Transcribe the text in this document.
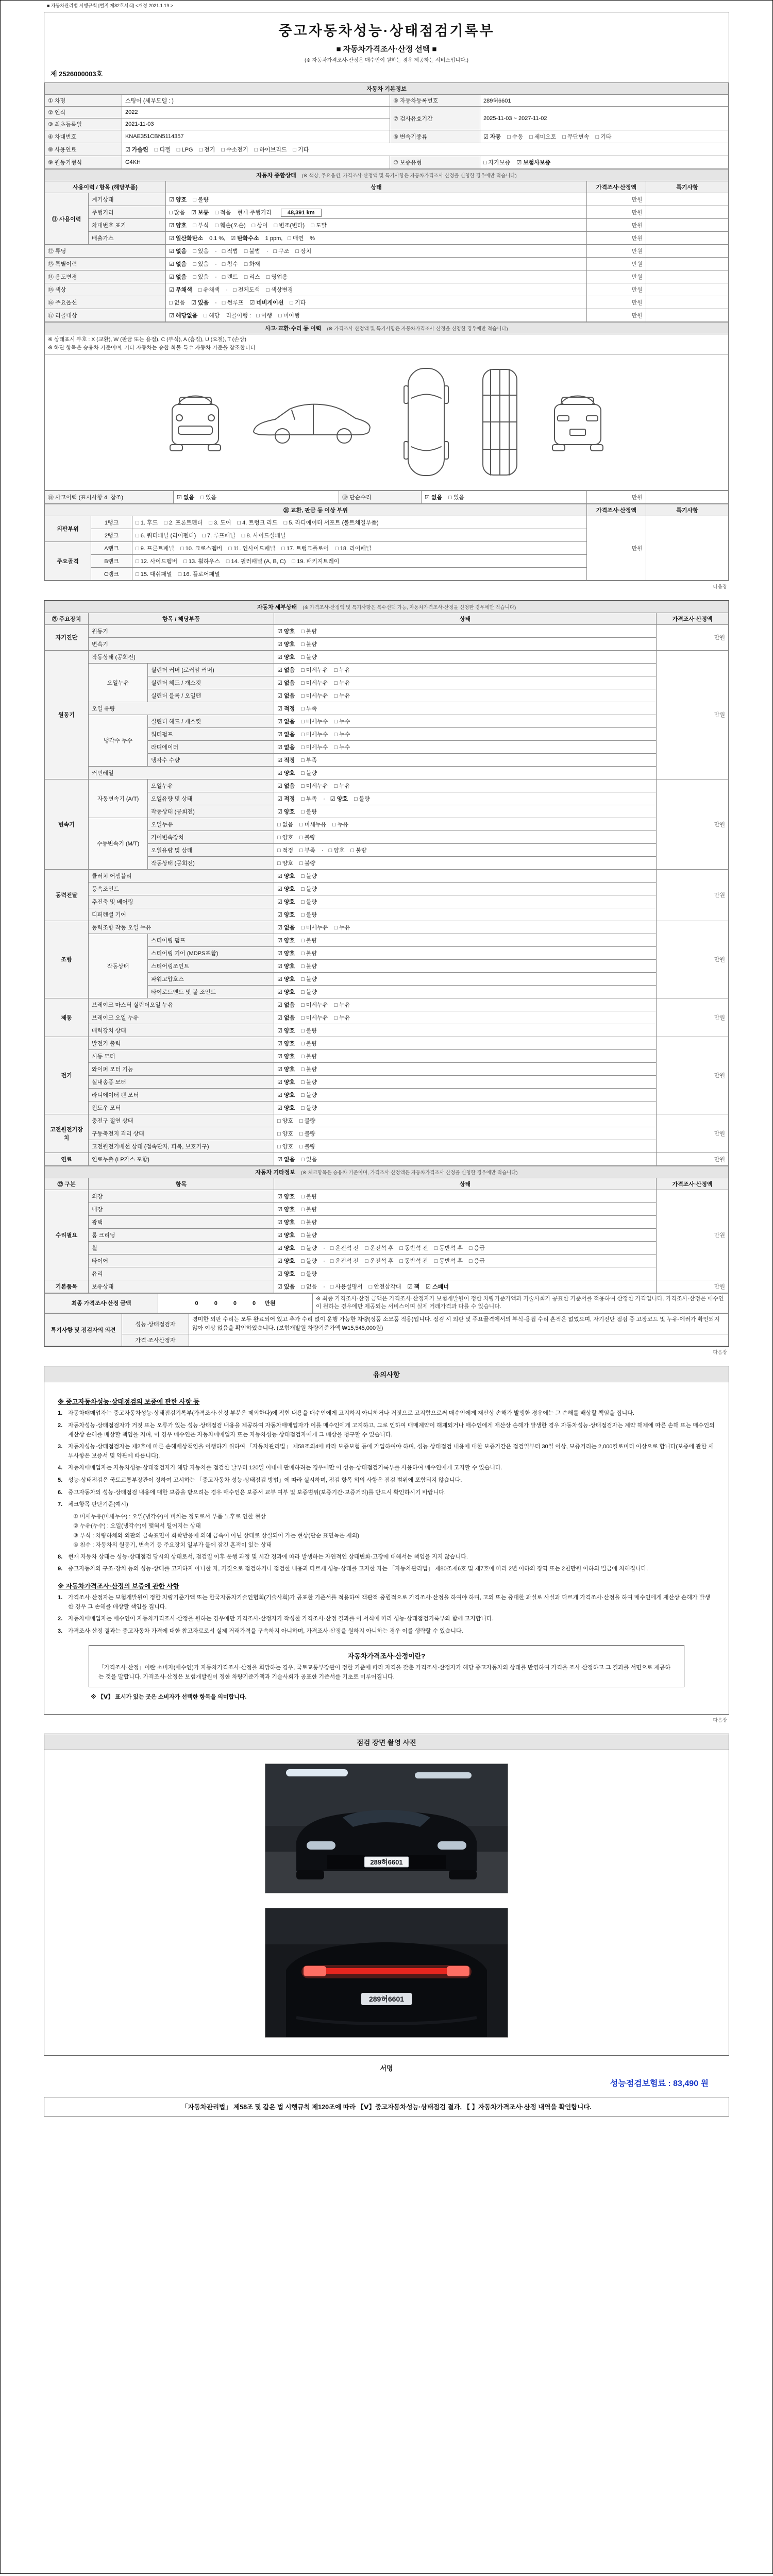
■ 자동차관리법 시행규칙 [별지 제82호서식] <개정 2021.1.19.>
중고자동차성능·상태점검기록부
■ 자동차가격조사·산정 선택 ■
(※ 자동차가격조사·산정은 매수인이 원하는 경우 제공하는 서비스입니다.)
제 2526000003호
자동차 기본정보			
① 차명	스팅어 (세부모델 : )	⑥ 자동차등록번호	289허6601
② 연식	2022	⑦ 검사유효기간	2025-11-03 ~ 2027-11-02
③ 최초등록일	2021-11-03		
④ 차대번호	KNAE351CBN5114357	⑤ 변속기종류	☑ 자동 □ 수동 □ 세미오토 □ 무단변속 □ 기타
⑧ 사용연료	☑ 가솔린 □ 디젤 □ LPG □ 전기 □ 수소전기 □ 하이브리드 □ 기타		
⑨ 원동기형식	G4KH	⑩ 보증유형	□ 자가보증 ☑ 보험사보증
자동차 종합상태 (※ 색상, 주요옵션, 가격조사·산정액 및 특기사항은 자동차가격조사·산정을 신청한 경우에만 적습니다)				
사용이력 / 항목 (해당부품)		상태	가격조사·산정액	특기사항
⑪ 사용이력	계기상태	☑ 양호 □ 불량	만원	
	주행거리	□ 많음 ☑ 보통 □ 적음 현재 주행거리 48,391 km	만원	
	차대번호 표기	☑ 양호 □ 부식 □ 훼손(오손) □ 상이 □ 변조(변타) □ 도말	만원	
	배출가스	☑ 일산화탄소 0.1 %, ☑ 탄화수소 1 ppm, □ 매연 %	만원	
⑫ 튜닝		☑ 없음 □ 있음 · □ 적법 □ 불법 · □ 구조 □ 장치	만원	
⑬ 특별이력		☑ 없음 □ 있음 · □ 침수 □ 화재	만원	
⑭ 용도변경		☑ 없음 □ 있음 · □ 렌트 □ 리스 □ 영업용	만원	
⑮ 색상		☑ 무채색 □ 유채색 · □ 전체도색 □ 색상변경	만원	
⑯ 주요옵션		□ 없음 ☑ 있음 · □ 썬루프 ☑ 네비게이션 □ 기타	만원	
⑰ 리콜대상		☑ 해당없음 □ 해당 리콜이행 : □ 이행 □ 미이행	만원	
사고·교환·수리 등 이력 (※ 가격조사·산정액 및 특기사항은 자동차가격조사·산정을 신청한 경우에만 적습니다)

※ 상태표시 부호 : X (교환), W (판금 또는 용접), C (부식), A (흠집), U (요철), T (손상)
※ 하단 항목은 승용차 기준이며, 기타 자동차는 승합·화물·특수 자동차 기준을 참조합니다

⑱ 사고이력 (표시사항 4. 참조)	☑ 없음 □ 있음	⑲ 단순수리	☑ 없음 □ 있음	만원	
⑳ 교환, 판금 등 이상 부위			가격조사·산정액	특기사항
외판부위	1랭크	□ 1. 후드 □ 2. 프론트펜더 □ 3. 도어 □ 4. 트렁크 리드 □ 5. 라디에이터 서포트 (볼트체결부품)	만원	
	2랭크	□ 6. 쿼터패널 (리어펜더) □ 7. 루프패널 □ 8. 사이드실패널		
주요골격	A랭크	□ 9. 프론트패널 □ 10. 크로스멤버 □ 11. 인사이드패널 □ 17. 트렁크플로어 □ 18. 리어패널		
	B랭크	□ 12. 사이드멤버 □ 13. 휠하우스 □ 14. 필러패널 (A, B, C) □ 19. 패키지트레이		
	C랭크	□ 15. 대쉬패널 □ 16. 플로어패널		
다음장
자동차 세부상태 (※ 가격조사·산정액 및 특기사항은 복수선택 가능, 자동차가격조사·산정을 신청한 경우에만 적습니다)				
㉑ 주요장치	항목 / 해당부품		상태	가격조사·산정액
자기진단	원동기		☑ 양호 □ 불량	만원
	변속기		☑ 양호 □ 불량	
원동기	작동상태 (공회전)		☑ 양호 □ 불량	만원
	오일누유	실린더 커버 (로커암 커버)	☑ 없음 □ 미세누유 □ 누유	
		실린더 헤드 / 개스킷	☑ 없음 □ 미세누유 □ 누유	
		실린더 블록 / 오일팬	☑ 없음 □ 미세누유 □ 누유	
	오일 유량		☑ 적정 □ 부족	
	냉각수 누수	실린더 헤드 / 개스킷	☑ 없음 □ 미세누수 □ 누수	
		워터펌프	☑ 없음 □ 미세누수 □ 누수	
		라디에이터	☑ 없음 □ 미세누수 □ 누수	
		냉각수 수량	☑ 적정 □ 부족	
	커먼레일		☑ 양호 □ 불량	
변속기	자동변속기 (A/T)	오일누유	☑ 없음 □ 미세누유 □ 누유	만원
		오일유량 및 상태	☑ 적정 □ 부족 · ☑ 양호 □ 불량	
		작동상태 (공회전)	☑ 양호 □ 불량	
	수동변속기 (M/T)	오일누유	□ 없음 □ 미세누유 □ 누유	
		기어변속장치	□ 양호 □ 불량	
		오일유량 및 상태	□ 적정 □ 부족 · □ 양호 □ 불량	
		작동상태 (공회전)	□ 양호 □ 불량	
동력전달	클러치 어셈블리		☑ 양호 □ 불량	만원
	등속조인트		☑ 양호 □ 불량	
	추진축 및 베어링		☑ 양호 □ 불량	
	디퍼렌셜 기어		☑ 양호 □ 불량	
조향	동력조향 작동 오일 누유		☑ 없음 □ 미세누유 □ 누유	만원
	작동상태	스티어링 펌프	☑ 양호 □ 불량	
		스티어링 기어 (MDPS포함)	☑ 양호 □ 불량	
		스티어링조인트	☑ 양호 □ 불량	
		파워고압호스	☑ 양호 □ 불량	
		타이로드엔드 및 볼 조인트	☑ 양호 □ 불량	
제동	브레이크 마스터 실린더오일 누유		☑ 없음 □ 미세누유 □ 누유	만원
	브레이크 오일 누유		☑ 없음 □ 미세누유 □ 누유	
	배력장치 상태		☑ 양호 □ 불량	
전기	발전기 출력		☑ 양호 □ 불량	만원
	시동 모터		☑ 양호 □ 불량	
	와이퍼 모터 기능		☑ 양호 □ 불량	
	실내송풍 모터		☑ 양호 □ 불량	
	라디에이터 팬 모터		☑ 양호 □ 불량	
	윈도우 모터		☑ 양호 □ 불량	
고전원전기장치	충전구 절연 상태		□ 양호 □ 불량	만원
	구동축전지 격리 상태		□ 양호 □ 불량	
	고전원전기배선 상태 (접속단자, 피복, 보호기구)		□ 양호 □ 불량	
연료	연료누출 (LP가스 포함)		☑ 없음 □ 있음	만원
자동차 기타정보 (※ 체크항목은 승용차 기준이며, 가격조사·산정액은 자동차가격조사·산정을 신청한 경우에만 적습니다)			
㉒ 구분	항목	상태	가격조사·산정액
수리필요	외장	☑ 양호 □ 불량	만원
	내장	☑ 양호 □ 불량	
	광택	☑ 양호 □ 불량	
	룸 크리닝	☑ 양호 □ 불량	
	휠	☑ 양호 □ 불량 · □ 운전석 전 □ 운전석 후 □ 동반석 전 □ 동반석 후 □ 응급	
	타이어	☑ 양호 □ 불량 · □ 운전석 전 □ 운전석 후 □ 동반석 전 □ 동반석 후 □ 응급	
	유리	☑ 양호 □ 불량	
기본품목	보유상태	☑ 있음 □ 없음 · □ 사용설명서 □ 안전삼각대 ☑ 잭 ☑ 스패너	만원
최종 가격조사·산정 금액	0 0 0 0 만원	※ 최종 가격조사·산정 금액은 가격조사·산정자가 보험개발원이 정한 차량기준가액과 기술사회가 공표한 기준서를 적용하여 산정한 가격입니다. 가격조사·산정은 매수인이 원하는 경우에만 제공되는 서비스이며 실제 거래가격과 다를 수 있습니다.
특기사항 및 점검자의 의견	성능·상태점검자	경미한 외판 수리는 모두 완료되어 있고 추가 수리 없이 운행 가능한 차량(정품 소모품 적용)입니다. 점검 시 외판 및 주요골격에서의 부식·용접 수리 흔적은 없었으며, 자기진단 점검 중 고장코드 및 누유·에러가 확인되지 않아 이상 없음을 확인하였습니다. (보험개발원 차량기준가액 ₩15,545,000원)
	가격·조사산정자	
다음장
유의사항
※ 중고자동차성능·상태점검의 보증에 관한 사항 등
1. 자동차매매업자는 중고자동차성능·상태점검기록부(가격조사·산정 부분은 제외한다)에 적힌 내용을 매수인에게 고지하지 아니하거나 거짓으로 고지함으로써 매수인에게 재산상 손해가 발생한 경우에는 그 손해를 배상할 책임을 집니다.
2. 자동차성능·상태점검자가 거짓 또는 오류가 있는 성능·상태점검 내용을 제공하여 자동차매매업자가 이를 매수인에게 고지하고, 그로 인하여 매매계약이 해제되거나 매수인에게 재산상 손해가 발생한 경우 자동차성능·상태점검자는 계약 해제에 따른 손해 또는 매수인의 재산상 손해를 배상할 책임을 지며, 이 경우 매수인은 자동차매매업자 또는 자동차성능·상태점검자에게 그 배상을 청구할 수 있습니다.
3. 자동차성능·상태점검자는 제2호에 따른 손해배상책임을 이행하기 위하여 「자동차관리법」 제58조의4에 따라 보증보험 등에 가입하여야 하며, 성능·상태점검 내용에 대한 보증기간은 점검일부터 30일 이상, 보증거리는 2,000킬로미터 이상으로 합니다(보증에 관한 세부사항은 보증서 및 약관에 따릅니다).
4. 자동차매매업자는 자동차성능·상태점검자가 해당 자동차를 점검한 날부터 120일 이내에 판매하려는 경우에만 이 성능·상태점검기록부를 사용하여 매수인에게 고지할 수 있습니다.
5. 성능·상태점검은 국토교통부장관이 정하여 고시하는 「중고자동차 성능·상태점검 방법」에 따라 실시하며, 점검 항목 외의 사항은 점검 범위에 포함되지 않습니다.
6. 중고자동차의 성능·상태점검 내용에 대한 보증을 받으려는 경우 매수인은 보증서 교부 여부 및 보증범위(보증기간·보증거리)를 반드시 확인하시기 바랍니다.
7. 체크항목 판단기준(예시)
① 미세누유(미세누수) : 오일(냉각수)이 비치는 정도로서 부품 노후로 인한 현상
② 누유(누수) : 오일(냉각수)이 맺혀서 떨어지는 상태
③ 부식 : 차량하체와 외판의 금속표면이 화학반응에 의해 금속이 아닌 상태로 상실되어 가는 현상(단순 표면녹은 제외)
④ 침수 : 자동차의 원동기, 변속기 등 주요장치 일부가 물에 잠긴 흔적이 있는 상태
8. 현재 자동차 상태는 성능·상태점검 당시의 상태로서, 점검일 이후 운행 과정 및 시간 경과에 따라 발생하는 자연적인 상태변화·고장에 대해서는 책임을 지지 않습니다.
9. 중고자동차의 구조·장치 등의 성능·상태를 고지하지 아니한 자, 거짓으로 점검하거나 점검한 내용과 다르게 성능·상태를 고지한 자는 「자동차관리법」 제80조제6호 및 제7호에 따라 2년 이하의 징역 또는 2천만원 이하의 벌금에 처해집니다.
※ 자동차가격조사·산정의 보증에 관한 사항
1. 가격조사·산정자는 보험개발원이 정한 차량기준가액 또는 한국자동차기술인협회(기술사회)가 공표한 기준서를 적용하여 객관적·중립적으로 가격조사·산정을 하여야 하며, 고의 또는 중대한 과실로 사실과 다르게 가격조사·산정을 하여 매수인에게 재산상 손해가 발생한 경우 그 손해를 배상할 책임을 집니다.
2. 자동차매매업자는 매수인이 자동차가격조사·산정을 원하는 경우에만 가격조사·산정자가 작성한 가격조사·산정 결과를 이 서식에 따라 성능·상태점검기록부와 함께 고지합니다.
3. 가격조사·산정 결과는 중고자동차 가격에 대한 참고자료로서 실제 거래가격을 구속하지 아니하며, 가격조사·산정을 원하지 아니하는 경우 이를 생략할 수 있습니다.
자동차가격조사·산정이란?
「가격조사·산정」이란 소비자(매수인)가 자동차가격조사·산정을 희망하는 경우, 국토교통부장관이 정한 기준에 따라 자격을 갖춘 가격조사·산정자가 해당 중고자동차의 상태를 반영하여 가격을 조사·산정하고 그 결과를 서면으로 제공하는 것을 말합니다. 가격조사·산정은 보험개발원이 정한 차량기준가액과 기술사회가 공표한 기준서를 기초로 이루어집니다.
※ 【Ⅴ】 표시가 있는 곳은 소비자가 선택한 항목을 의미합니다.
다음장
점검 장면 촬영 사진
289허6601
289허6601
서명
성능점검보험료 : 83,490 원
「자동차관리법」 제58조 및 같은 법 시행규칙 제120조에 따라 【Ⅴ】중고자동차성능·상태점검 결과, 【 】자동차가격조사·산정 내역을 확인합니다.
